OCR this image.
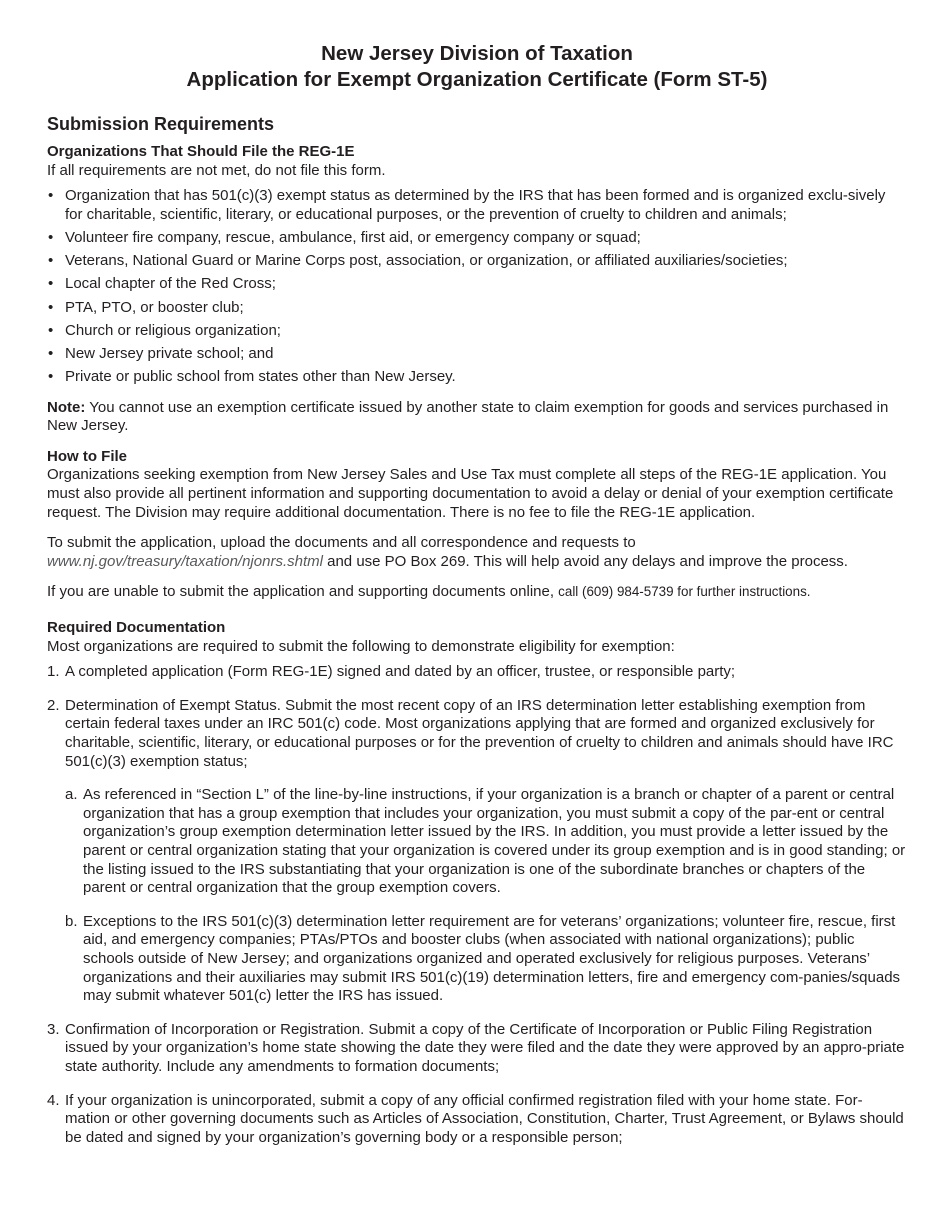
New Jersey Division of Taxation
Application for Exempt Organization Certificate (Form ST-5)
Submission Requirements

Organizations That Should File the REG-1E

If all requirements are not met, do not file this form.

• Organization that has 501(c)(3) exempt status as determined by the IRS that has been formed and is organized exclu-sively for charitable, scientific, literary, or educational purposes, or the prevention of cruelty to children and animals;
• Volunteer fire company, rescue, ambulance, first aid, or emergency company or squad;
• Veterans, National Guard or Marine Corps post, association, or organization, or affiliated auxiliaries/societies;
• Local chapter of the Red Cross;
• PTA, PTO, or booster club;
• Church or religious organization;
• New Jersey private school; and
• Private or public school from states other than New Jersey.

Note: You cannot use an exemption certificate issued by another state to claim exemption for goods and services purchased in New Jersey.

How to File

Organizations seeking exemption from New Jersey Sales and Use Tax must complete all steps of the REG-1E application. You must also provide all pertinent information and supporting documentation to avoid a delay or denial of your exemption certificate request. The Division may require additional documentation. There is no fee to file the REG-1E application.

To submit the application, upload the documents and all correspondence and requests to www.nj.gov/treasury/taxation/njonrs.shtml and use PO Box 269. This will help avoid any delays and improve the process.

If you are unable to submit the application and supporting documents online, call (609) 984-5739 for further instructions.

Required Documentation

Most organizations are required to submit the following to demonstrate eligibility for exemption:

1. A completed application (Form REG-1E) signed and dated by an officer, trustee, or responsible party;
2. Determination of Exempt Status. Submit the most recent copy of an IRS determination letter establishing exemption from certain federal taxes under an IRC 501(c) code. Most organizations applying that are formed and organized exclusively for charitable, scientific, literary, or educational purposes or for the prevention of cruelty to children and animals should have IRC 501(c)(3) exemption status;
a. As referenced in “Section L” of the line-by-line instructions, if your organization is a branch or chapter of a parent or central organization that has a group exemption that includes your organization, you must submit a copy of the par-ent or central organization’s group exemption determination letter issued by the IRS. In addition, you must provide a letter issued by the parent or central organization stating that your organization is covered under its group exemption and is in good standing; or the listing issued to the IRS substantiating that your organization is one of the subordinate branches or chapters of the parent or central organization that the group exemption covers.
b. Exceptions to the IRS 501(c)(3) determination letter requirement are for veterans’ organizations; volunteer fire, rescue, first aid, and emergency companies; PTAs/PTOs and booster clubs (when associated with national organizations); public schools outside of New Jersey; and organizations organized and operated exclusively for religious purposes. Veterans’ organizations and their auxiliaries may submit IRS 501(c)(19) determination letters, fire and emergency com-panies/squads may submit whatever 501(c) letter the IRS has issued.
3. Confirmation of Incorporation or Registration. Submit a copy of the Certificate of Incorporation or Public Filing Registration issued by your organization’s home state showing the date they were filed and the date they were approved by an appro-priate state authority. Include any amendments to formation documents;
4. If your organization is unincorporated, submit a copy of any official confirmed registration filed with your home state. For-mation or other governing documents such as Articles of Association, Constitution, Charter, Trust Agreement, or Bylaws should be dated and signed by your organization’s governing body or a responsible person;
